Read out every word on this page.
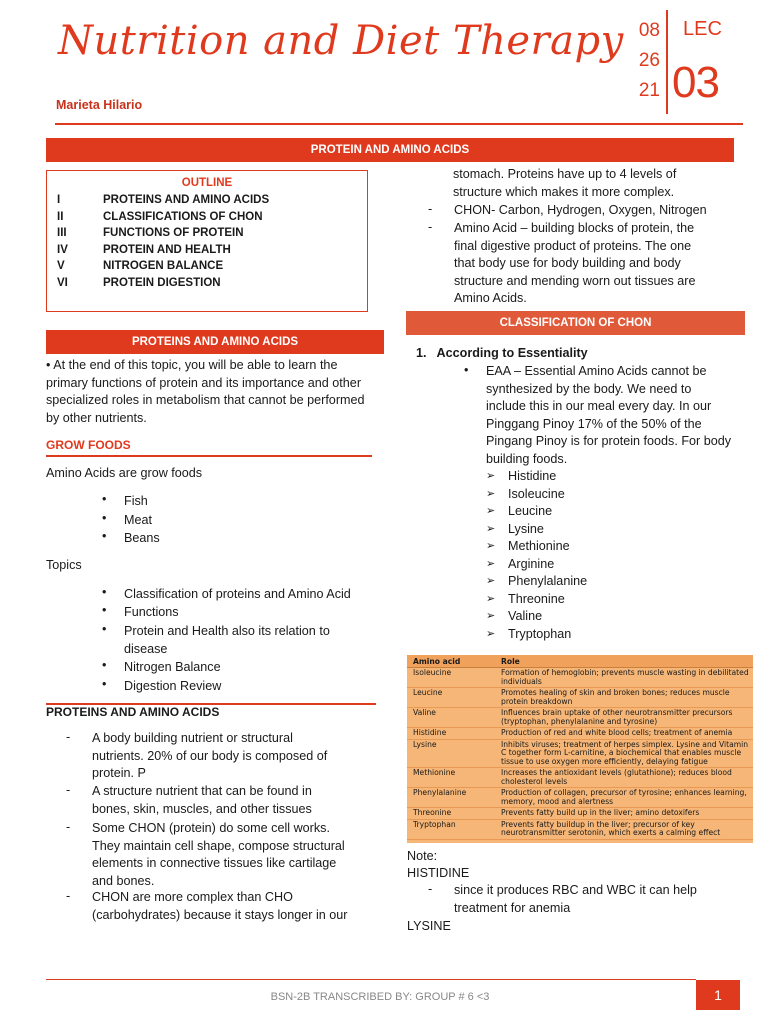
Nutrition and Diet Therapy
Marieta Hilario
08
26
21
LEC
03
PROTEIN AND AMINO ACIDS
OUTLINE
I	PROTEINS AND AMINO ACIDS
II	CLASSIFICATIONS OF CHON
III	FUNCTIONS OF PROTEIN
IV	PROTEIN AND HEALTH
V	NITROGEN BALANCE
VI	PROTEIN DIGESTION
PROTEINS AND AMINO ACIDS
• At the end of this topic, you will be able to learn the primary functions of protein and its importance and other specialized roles in metabolism that cannot be performed by other nutrients.
GROW FOODS
Amino Acids are grow foods
• Fish
• Meat
• Beans
Topics
• Classification of proteins and Amino Acid
• Functions
• Protein and Health also its relation to disease
• Nitrogen Balance
• Digestion Review
PROTEINS AND AMINO ACIDS
- A body building nutrient or structural nutrients. 20% of our body is composed of protein. P
- A structure nutrient that can be found in bones, skin, muscles, and other tissues
- Some CHON (protein) do some cell works. They maintain cell shape, compose structural elements in connective tissues like cartilage and bones.
- CHON are more complex than CHO (carbohydrates) because it stays longer in our
stomach. Proteins have up to 4 levels of structure which makes it more complex.
- CHON- Carbon, Hydrogen, Oxygen, Nitrogen
- Amino Acid – building blocks of protein, the final digestive product of proteins. The one that body use for body building and body structure and mending worn out tissues are Amino Acids.
CLASSIFICATION OF CHON
1.   According to Essentiality
• EAA – Essential Amino Acids cannot be synthesized by the body. We need to include this in our meal every day. In our Pinggang Pinoy 17% of the 50% of the Pingang Pinoy is for protein foods. For body building foods.
➢ Histidine
➢ Isoleucine
➢ Leucine
➢ Lysine
➢ Methionine
➢ Arginine
➢ Phenylalanine
➢ Threonine
➢ Valine
➢ Tryptophan
Amino acid	Role
Isoleucine	Formation of hemoglobin; prevents muscle wasting in debilitated individuals
Leucine	Promotes healing of skin and broken bones; reduces muscle protein breakdown
Valine	Influences brain uptake of other neurotransmitter precursors (tryptophan, phenylalanine and tyrosine)
Histidine	Production of red and white blood cells; treatment of anemia
Lysine	Inhibits viruses; treatment of herpes simplex. Lysine and Vitamin C together form L-carnitine, a biochemical that enables muscle tissue to use oxygen more efficiently, delaying fatigue
Methionine	Increases the antioxidant levels (glutathione); reduces blood cholesterol levels
Phenylalanine	Production of collagen, precursor of tyrosine; enhances learning, memory, mood and alertness
Threonine	Prevents fatty build up in the liver; amino detoxifers
Tryptophan	Prevents fatty buildup in the liver; precursor of key neurotransmitter serotonin, which exerts a calming effect
Note:
HISTIDINE
- since it produces RBC and WBC it can help treatment for anemia
LYSINE
BSN-2B TRANSCRIBED BY: GROUP # 6 <3	1
